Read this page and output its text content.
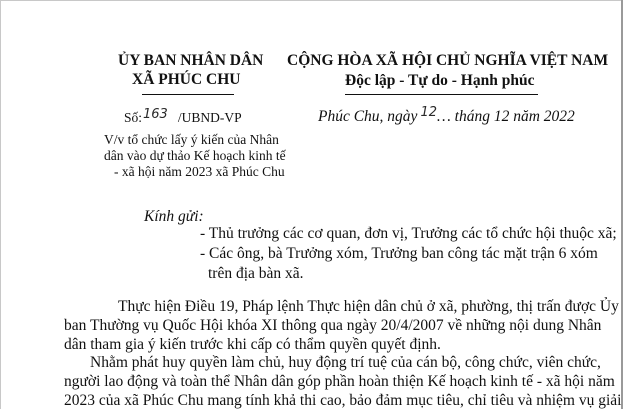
ỦY BAN NHÂN DÂN
XÃ PHÚC CHU
Số:163 /UBND-VP
V/v tổ chức lấy ý kiến của Nhân
dân vào dự thảo Kế hoạch kinh tế
- xã hội năm 2023 xã Phúc Chu
CỘNG HÒA XÃ HỘI CHỦ NGHĨA VIỆT NAM
Độc lập - Tự do - Hạnh phúc
Phúc Chu, ngày $^{12}$… tháng 12 năm 2022
Kính gửi:
- Thủ trưởng các cơ quan, đơn vị, Trưởng các tổ chức hội thuộc xã;
- Các ông, bà Trưởng xóm, Trưởng ban công tác mặt trận 6 xóm
trên địa bàn xã.
Thực hiện Điều 19, Pháp lệnh Thực hiện dân chủ ở xã, phường, thị trấn được Ủy
ban Thường vụ Quốc Hội khóa XI thông qua ngày 20/4/2007 về những nội dung Nhân
dân tham gia ý kiến trước khi cấp có thẩm quyền quyết định.
Nhằm phát huy quyền làm chủ, huy động trí tuệ của cán bộ, công chức, viên chức,
người lao động và toàn thể Nhân dân góp phần hoàn thiện Kế hoạch kinh tế - xã hội năm
2023 của xã Phúc Chu mang tính khả thi cao, bảo đảm mục tiêu, chỉ tiêu và nhiệm vụ giải
